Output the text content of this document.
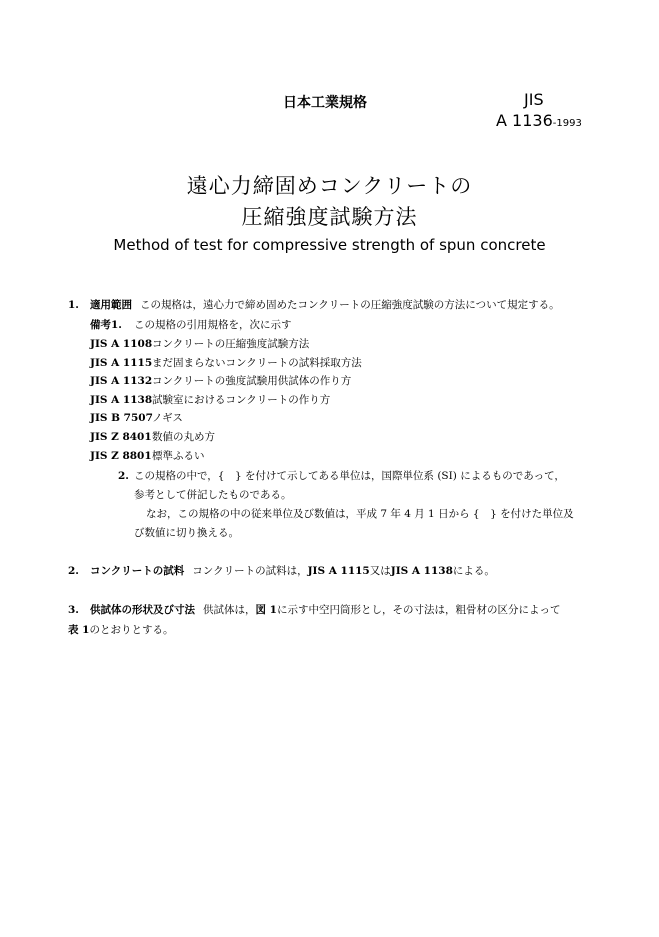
日本工業規格	JIS
A 1136-1993
遠心力締固めコンクリートの
圧縮強度試験方法
Method of test for compressive strength of spun concrete
1. 適用範囲 この規格は，遠心力で締め固めたコンクリートの圧縮強度試験の方法について規定する。
備考1. この規格の引用規格を，次に示す
JIS A 1108コンクリートの圧縮強度試験方法
JIS A 1115まだ固まらないコンクリートの試料採取方法
JIS A 1132コンクリートの強度試験用供試体の作り方
JIS A 1138試験室におけるコンクリートの作り方
JIS B 7507ノギス
JIS Z 8401数値の丸め方
JIS Z 8801標準ふるい
2. この規格の中で，{　} を付けて示してある単位は，国際単位系 (SI) によるものであって，
参考として併記したものである。
なお，この規格の中の従来単位及び数値は，平成 7 年 4 月 1 日から {　} を付けた単位及
び数値に切り換える。
2. コンクリートの試料 コンクリートの試料は，JIS A 1115又はJIS A 1138による。
3. 供試体の形状及び寸法 供試体は，図 1に示す中空円筒形とし，その寸法は，粗骨材の区分によって
表 1のとおりとする。
